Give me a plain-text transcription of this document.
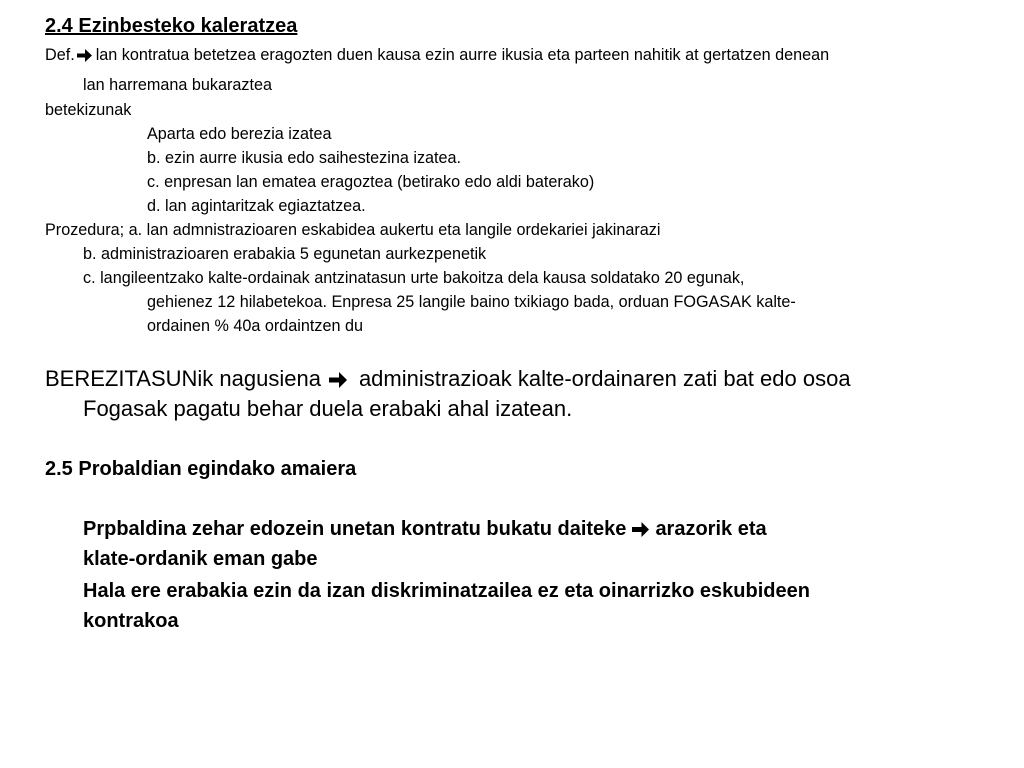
2.4 Ezinbesteko kaleratzea
Def. lan kontratua betetzea eragozten duen kausa ezin aurre ikusia eta parteen nahitik at gertatzen denean
lan harremana bukaraztea
betekizunak
Aparta edo berezia izatea
b. ezin aurre ikusia edo saihestezina izatea.
c. enpresan lan ematea eragoztea (betirako edo aldi baterako)
d. lan agintaritzak egiaztatzea.
Prozedura; a. lan admnistrazioaren eskabidea aukertu eta langile ordekariei jakinarazi
b. administrazioaren erabakia 5 egunetan aurkezpenetik
c. langileentzako kalte-ordainak antzinatasun urte bakoitza dela kausa soldatako 20 egunak,
gehienez 12 hilabetekoa. Enpresa 25 langile baino txikiago bada, orduan FOGASAK kalte-
ordainen % 40a ordaintzen du
BEREZITASUNik nagusiena administrazioak kalte-ordainaren zati bat edo osoa
Fogasak pagatu behar duela erabaki ahal izatean.
2.5 Probaldian egindako amaiera
Prpbaldina zehar edozein unetan kontratu bukatu daiteke arazorik eta
klate-ordanik eman gabe
Hala ere erabakia ezin da izan diskriminatzailea ez eta oinarrizko eskubideen
kontrakoa
